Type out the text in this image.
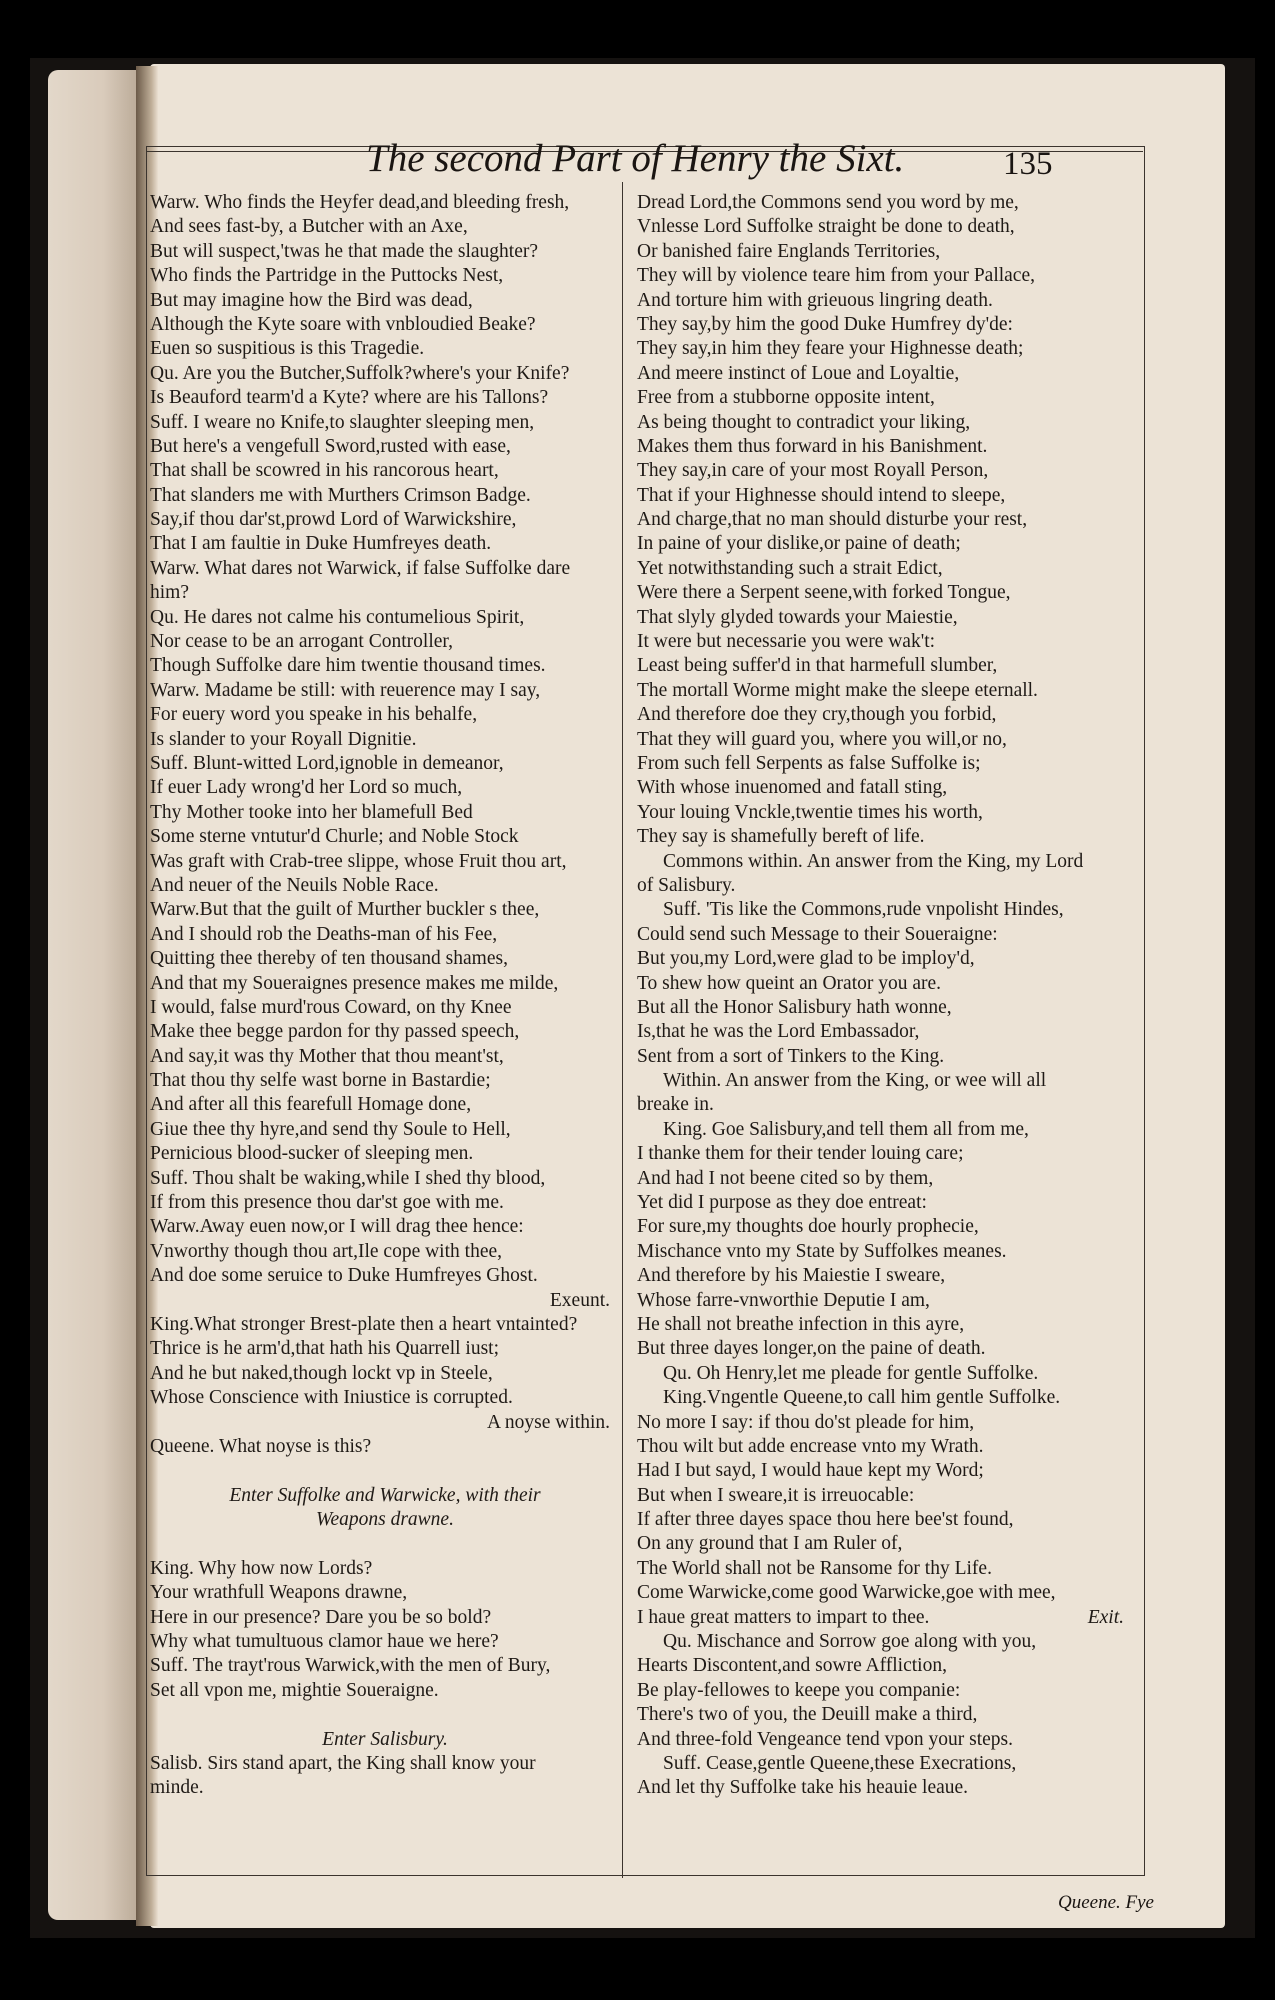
The second Part of Henry the Sixt.	135
Warw. Who finds the Heyfer dead,and bleeding fresh,
And sees fast-by, a Butcher with an Axe,
But will suspect,'twas he that made the slaughter?
Who finds the Partridge in the Puttocks Nest,
But may imagine how the Bird was dead,
Although the Kyte soare with vnbloudied Beake?
Euen so suspitious is this Tragedie.
Qu. Are you the Butcher,Suffolk?where's your Knife?
Is Beauford tearm'd a Kyte? where are his Tallons?
Suff. I weare no Knife,to slaughter sleeping men,
But here's a vengefull Sword,rusted with ease,
That shall be scowred in his rancorous heart,
That slanders me with Murthers Crimson Badge.
Say,if thou dar'st,prowd Lord of Warwickshire,
That I am faultie in Duke Humfreyes death.
Warw. What dares not Warwick, if false Suffolke dare
him?
Qu. He dares not calme his contumelious Spirit,
Nor cease to be an arrogant Controller,
Though Suffolke dare him twentie thousand times.
Warw. Madame be still: with reuerence may I say,
For euery word you speake in his behalfe,
Is slander to your Royall Dignitie.
Suff. Blunt-witted Lord,ignoble in demeanor,
If euer Lady wrong'd her Lord so much,
Thy Mother tooke into her blamefull Bed
Some sterne vntutur'd Churle; and Noble Stock
Was graft with Crab-tree slippe, whose Fruit thou art,
And neuer of the Neuils Noble Race.
Warw.But that the guilt of Murther buckler s thee,
And I should rob the Deaths-man of his Fee,
Quitting thee thereby of ten thousand shames,
And that my Soueraignes presence makes me milde,
I would, false murd'rous Coward, on thy Knee
Make thee begge pardon for thy passed speech,
And say,it was thy Mother that thou meant'st,
That thou thy selfe wast borne in Bastardie;
And after all this fearefull Homage done,
Giue thee thy hyre,and send thy Soule to Hell,
Pernicious blood-sucker of sleeping men.
Suff. Thou shalt be waking,while I shed thy blood,
If from this presence thou dar'st goe with me.
Warw.Away euen now,or I will drag thee hence:
Vnworthy though thou art,Ile cope with thee,
And doe some seruice to Duke Humfreyes Ghost.
Exeunt.
King.What stronger Brest-plate then a heart vntainted?
Thrice is he arm'd,that hath his Quarrell iust;
And he but naked,though lockt vp in Steele,
Whose Conscience with Iniustice is corrupted.
A noyse within.
Queene. What noyse is this?
Enter Suffolke and Warwicke, with their
Weapons drawne.
King. Why how now Lords?
Your wrathfull Weapons drawne,
Here in our presence? Dare you be so bold?
Why what tumultuous clamor haue we here?
Suff. The trayt'rous Warwick,with the men of Bury,
Set all vpon me, mightie Soueraigne.
Enter Salisbury.
Salisb. Sirs stand apart, the King shall know your
minde.
Dread Lord,the Commons send you word by me,
Vnlesse Lord Suffolke straight be done to death,
Or banished faire Englands Territories,
They will by violence teare him from your Pallace,
And torture him with grieuous lingring death.
They say,by him the good Duke Humfrey dy'de:
They say,in him they feare your Highnesse death;
And meere instinct of Loue and Loyaltie,
Free from a stubborne opposite intent,
As being thought to contradict your liking,
Makes them thus forward in his Banishment.
They say,in care of your most Royall Person,
That if your Highnesse should intend to sleepe,
And charge,that no man should disturbe your rest,
In paine of your dislike,or paine of death;
Yet notwithstanding such a strait Edict,
Were there a Serpent seene,with forked Tongue,
That slyly glyded towards your Maiestie,
It were but necessarie you were wak't:
Least being suffer'd in that harmefull slumber,
The mortall Worme might make the sleepe eternall.
And therefore doe they cry,though you forbid,
That they will guard you, where you will,or no,
From such fell Serpents as false Suffolke is;
With whose inuenomed and fatall sting,
Your louing Vnckle,twentie times his worth,
They say is shamefully bereft of life.
Commons within. An answer from the King, my Lord
of Salisbury.
Suff. 'Tis like the Commons,rude vnpolisht Hindes,
Could send such Message to their Soueraigne:
But you,my Lord,were glad to be imploy'd,
To shew how queint an Orator you are.
But all the Honor Salisbury hath wonne,
Is,that he was the Lord Embassador,
Sent from a sort of Tinkers to the King.
Within. An answer from the King, or wee will all
breake in.
King. Goe Salisbury,and tell them all from me,
I thanke them for their tender louing care;
And had I not beene cited so by them,
Yet did I purpose as they doe entreat:
For sure,my thoughts doe hourly prophecie,
Mischance vnto my State by Suffolkes meanes.
And therefore by his Maiestie I sweare,
Whose farre-vnworthie Deputie I am,
He shall not breathe infection in this ayre,
But three dayes longer,on the paine of death.
Qu. Oh Henry,let me pleade for gentle Suffolke.
King.Vngentle Queene,to call him gentle Suffolke.
No more I say: if thou do'st pleade for him,
Thou wilt but adde encrease vnto my Wrath.
Had I but sayd, I would haue kept my Word;
But when I sweare,it is irreuocable:
If after three dayes space thou here bee'st found,
On any ground that I am Ruler of,
The World shall not be Ransome for thy Life.
Come Warwicke,come good Warwicke,goe with mee,
I haue great matters to impart to thee.	Exit.
Qu. Mischance and Sorrow goe along with you,
Hearts Discontent,and sowre Affliction,
Be play-fellowes to keepe you companie:
There's two of you, the Deuill make a third,
And three-fold Vengeance tend vpon your steps.
Suff. Cease,gentle Queene,these Execrations,
And let thy Suffolke take his heauie leaue.
Queene. Fye
